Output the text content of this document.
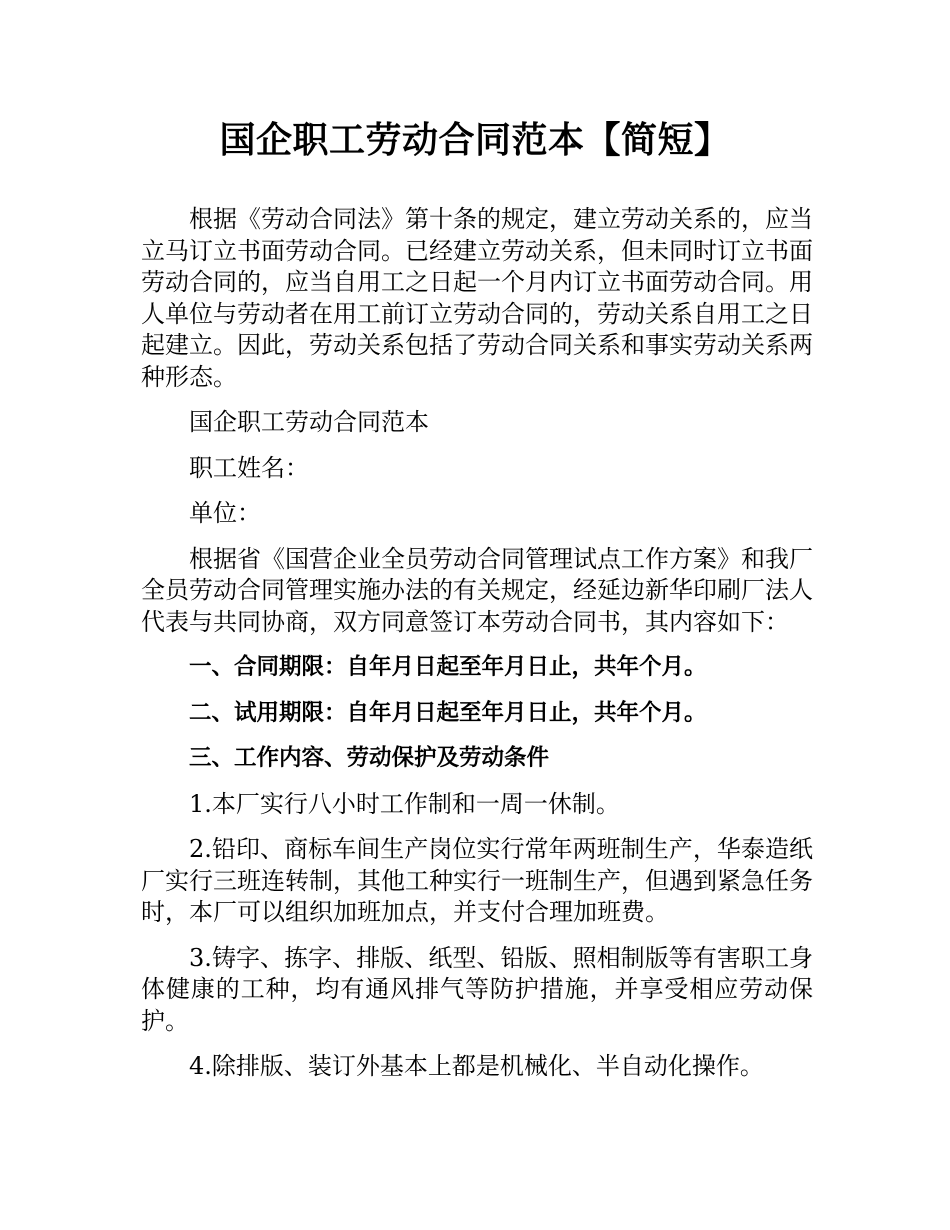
国企职工劳动合同范本【简短】

根据《劳动合同法》第十条的规定，建立劳动关系的，应当立马订立书面劳动合同。已经建立劳动关系，但未同时订立书面劳动合同的，应当自用工之日起一个月内订立书面劳动合同。用人单位与劳动者在用工前订立劳动合同的，劳动关系自用工之日起建立。因此，劳动关系包括了劳动合同关系和事实劳动关系两种形态。

国企职工劳动合同范本

职工姓名：

单位：

根据省《国营企业全员劳动合同管理试点工作方案》和我厂全员劳动合同管理实施办法的有关规定，经延边新华印刷厂法人代表与共同协商，双方同意签订本劳动合同书，其内容如下：

一、合同期限：自年月日起至年月日止，共年个月。

二、试用期限：自年月日起至年月日止，共年个月。

三、工作内容、劳动保护及劳动条件

1.本厂实行八小时工作制和一周一休制。

2.铅印、商标车间生产岗位实行常年两班制生产，华泰造纸厂实行三班连转制，其他工种实行一班制生产，但遇到紧急任务时，本厂可以组织加班加点，并支付合理加班费。

3.铸字、拣字、排版、纸型、铅版、照相制版等有害职工身体健康的工种，均有通风排气等防护措施，并享受相应劳动保护。

4.除排版、装订外基本上都是机械化、半自动化操作。
